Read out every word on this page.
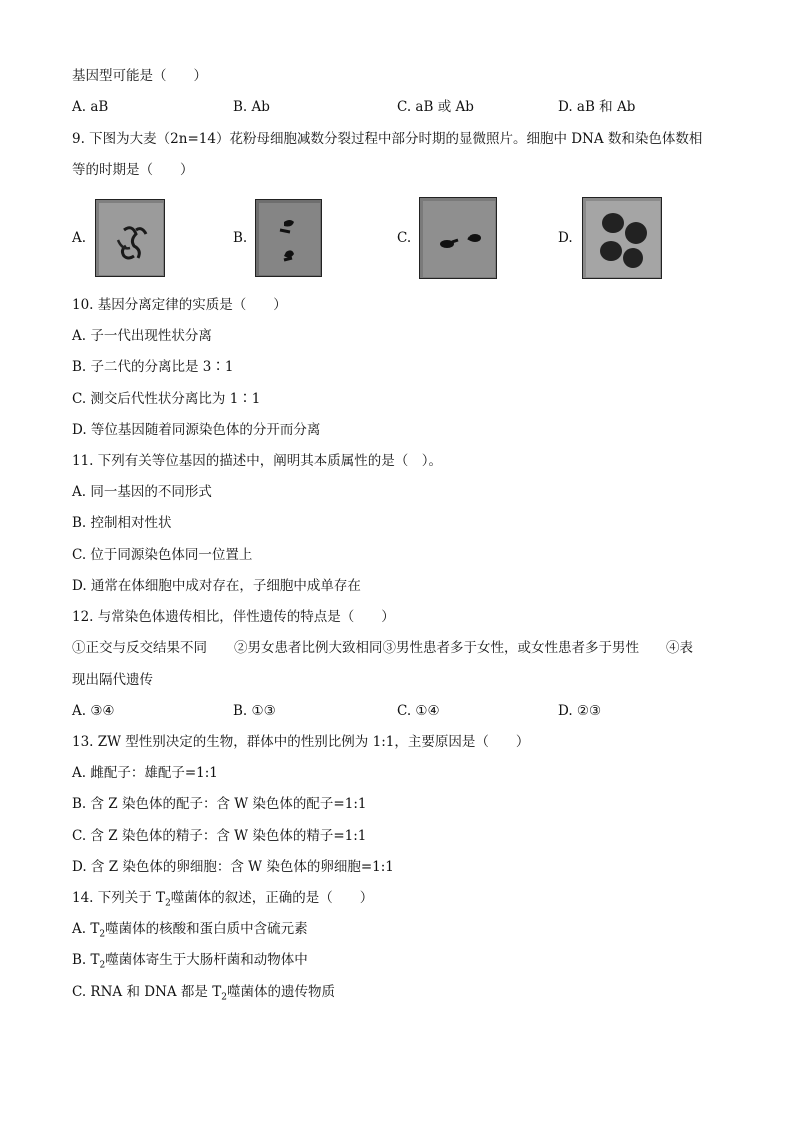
基因型可能是（　　）
A. aB	B. Ab	C. aB 或 Ab	D. aB 和 Ab
9. 下图为大麦（2n=14）花粉母细胞减数分裂过程中部分时期的显微照片。细胞中 DNA 数和染色体数相
等的时期是（　　）
A.	B.	C.	D.
10. 基因分离定律的实质是（　　）
A. 子一代出现性状分离
B. 子二代的分离比是 3∶1
C. 测交后代性状分离比为 1∶1
D. 等位基因随着同源染色体的分开而分离
11. 下列有关等位基因的描述中，阐明其本质属性的是（　）。
A. 同一基因的不同形式
B. 控制相对性状
C. 位于同源染色体同一位置上
D. 通常在体细胞中成对存在，子细胞中成单存在
12. 与常染色体遗传相比，伴性遗传的特点是（　　）
①正交与反交结果不同　　②男女患者比例大致相同③男性患者多于女性，或女性患者多于男性　　④表
现出隔代遗传
A. ③④	B. ①③	C. ①④	D. ②③
13. ZW 型性别决定的生物，群体中的性别比例为 1:1，主要原因是（　　）
A. 雌配子：雄配子=1:1
B. 含 Z 染色体的配子：含 W 染色体的配子=1:1
C. 含 Z 染色体的精子：含 W 染色体的精子=1:1
D. 含 Z 染色体的卵细胞：含 W 染色体的卵细胞=1:1
14. 下列关于 $T_2$噬菌体的叙述，正确的是（　　）
A. $T_2$噬菌体的核酸和蛋白质中含硫元素
B. $T_2$噬菌体寄生于大肠杆菌和动物体中
C. RNA 和 DNA 都是 $T_2$噬菌体的遗传物质
